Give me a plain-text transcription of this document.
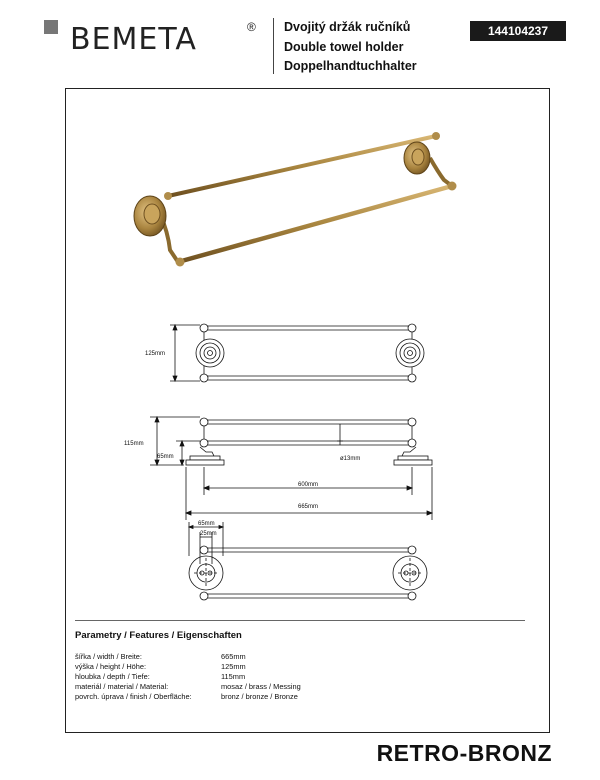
BEMETA	® Dvojitý držák ručníků
Double towel holder
Doppelhandtuchhalter
144104237
125mm
115mm
65mm	ø13mm
600mm
665mm
65mm
25mm
Parametry / Features / Eigenschaften
šířka / width / Breite:	665mm
výška / height / Höhe:	125mm
hloubka / depth / Tiefe:	115mm
materiál / material / Material:	mosaz / brass / Messing
povrch. úprava / finish / Oberfläche:	bronz / bronze / Bronze
RETRO-BRONZ
